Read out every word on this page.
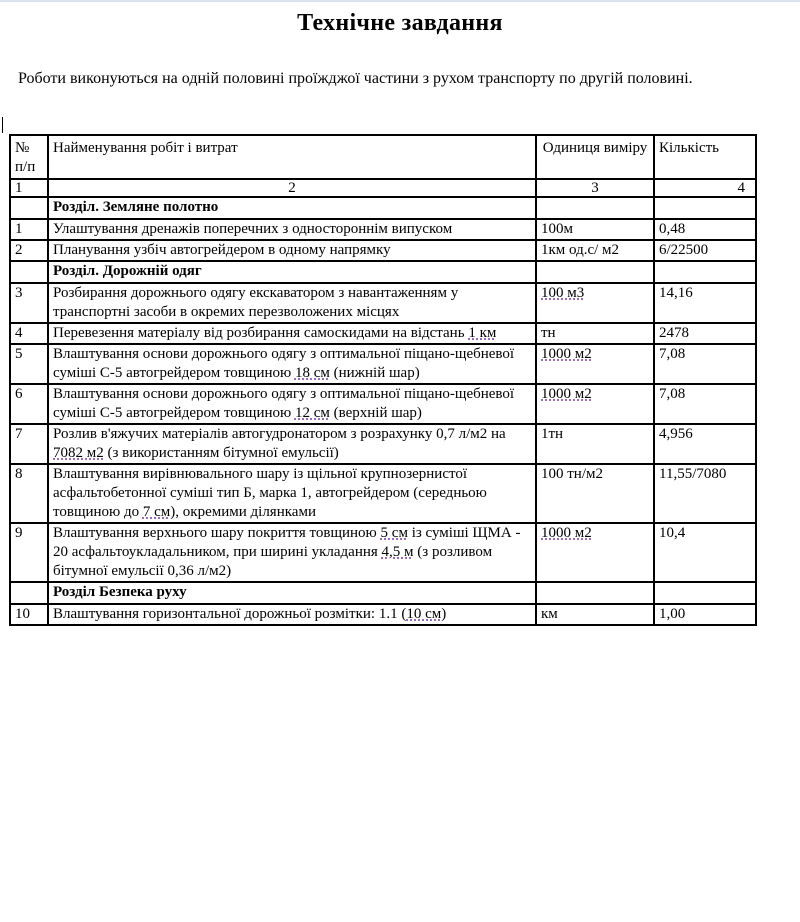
Технічне завдання
Роботи виконуються на одній половині проїжджої частини з рухом транспорту по другій половині.
№ п/п	Найменування робіт і витрат	Одиниця виміру	Кількість
1	2	3	4
	Розділ. Земляне полотно		
1	Улаштування дренажів поперечних з одностороннім випуском	100м	0,48
2	Планування узбіч автогрейдером в одному напрямку	1км од.с/ м2	6/22500
	Розділ. Дорожній одяг		
3	Розбирання дорожнього одягу екскаватором з навантаженням у транспортні засоби в окремих перезволожених місцях	100 м3	14,16
4	Перевезення матеріалу від розбирання самоскидами на відстань 1 км	тн	2478
5	Влаштування основи дорожнього одягу з оптимальної піщано-щебневої суміші С-5 автогрейдером товщиною 18 см (нижній шар)	1000 м2	7,08
6	Влаштування основи дорожнього одягу з оптимальної піщано-щебневої суміші С-5 автогрейдером товщиною 12 см (верхній шар)	1000 м2	7,08
7	Розлив в'яжучих матеріалів автогудронатором з розрахунку 0,7 л/м2 на 7082 м2 (з використанням бітумної емульсії)	1тн	4,956
8	Влаштування вирівнювального шару із щільної крупнозернистої асфальтобетонної суміші тип Б, марка 1, автогрейдером (середньою товщиною до 7 см), окремими ділянками	100 тн/м2	11,55/7080
9	Влаштування верхнього шару покриття товщиною 5 см із суміші ЩМА - 20 асфальтоукладальником, при ширині укладання 4,5 м (з розливом бітумної емульсії 0,36 л/м2)	1000 м2	10,4
	Розділ Безпека руху		
10	Влаштування горизонтальної дорожньої розмітки: 1.1 (10 см)	км	1,00
